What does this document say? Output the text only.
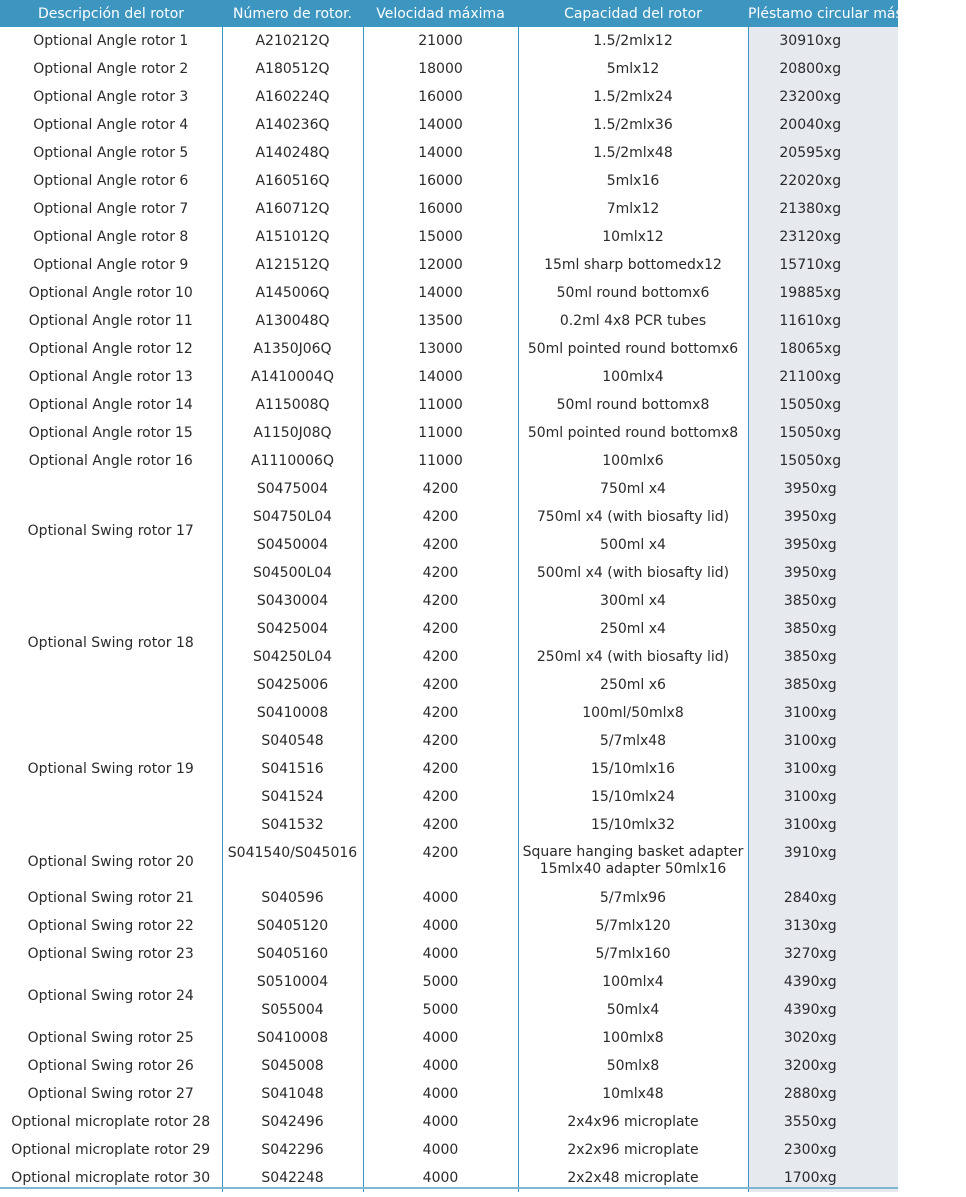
Descripción del rotor	Número de rotor.	Velocidad máxima	Capacidad del rotor	Pléstamo circular más ximo XG
Optional Angle rotor 1	A210212Q	21000	1.5/2mlx12	30910xg
Optional Angle rotor 2	A180512Q	18000	5mlx12	20800xg
Optional Angle rotor 3	A160224Q	16000	1.5/2mlx24	23200xg
Optional Angle rotor 4	A140236Q	14000	1.5/2mlx36	20040xg
Optional Angle rotor 5	A140248Q	14000	1.5/2mlx48	20595xg
Optional Angle rotor 6	A160516Q	16000	5mlx16	22020xg
Optional Angle rotor 7	A160712Q	16000	7mlx12	21380xg
Optional Angle rotor 8	A151012Q	15000	10mlx12	23120xg
Optional Angle rotor 9	A121512Q	12000	15ml sharp bottomedx12	15710xg
Optional Angle rotor 10	A145006Q	14000	50ml round bottomx6	19885xg
Optional Angle rotor 11	A130048Q	13500	0.2ml 4x8 PCR tubes	11610xg
Optional Angle rotor 12	A1350J06Q	13000	50ml pointed round bottomx6	18065xg
Optional Angle rotor 13	A1410004Q	14000	100mlx4	21100xg
Optional Angle rotor 14	A115008Q	11000	50ml round bottomx8	15050xg
Optional Angle rotor 15	A1150J08Q	11000	50ml pointed round bottomx8	15050xg
Optional Angle rotor 16	A1110006Q	11000	100mlx6	15050xg
Optional Swing rotor 17	S0475004	4200	750ml x4	3950xg
	S04750L04	4200	750ml x4 (with biosafty lid)	3950xg
	S0450004	4200	500ml x4	3950xg
	S04500L04	4200	500ml x4 (with biosafty lid)	3950xg
Optional Swing rotor 18	S0430004	4200	300ml x4	3850xg
	S0425004	4200	250ml x4	3850xg
	S04250L04	4200	250ml x4 (with biosafty lid)	3850xg
	S0425006	4200	250ml x6	3850xg
Optional Swing rotor 19	S0410008	4200	100ml/50mlx8	3100xg
	S040548	4200	5/7mlx48	3100xg
	S041516	4200	15/10mlx16	3100xg
	S041524	4200	15/10mlx24	3100xg
	S041532	4200	15/10mlx32	3100xg
Optional Swing rotor 20	S041540/S045016	4200	Square hanging basket adapter 15mlx40 adapter 50mlx16	3910xg
Optional Swing rotor 21	S040596	4000	5/7mlx96	2840xg
Optional Swing rotor 22	S0405120	4000	5/7mlx120	3130xg
Optional Swing rotor 23	S0405160	4000	5/7mlx160	3270xg
Optional Swing rotor 24	S0510004	5000	100mlx4	4390xg
	S055004	5000	50mlx4	4390xg
Optional Swing rotor 25	S0410008	4000	100mlx8	3020xg
Optional Swing rotor 26	S045008	4000	50mlx8	3200xg
Optional Swing rotor 27	S041048	4000	10mlx48	2880xg
Optional microplate rotor 28	S042496	4000	2x4x96 microplate	3550xg
Optional microplate rotor 29	S042296	4000	2x2x96 microplate	2300xg
Optional microplate rotor 30	S042248	4000	2x2x48 microplate	1700xg
